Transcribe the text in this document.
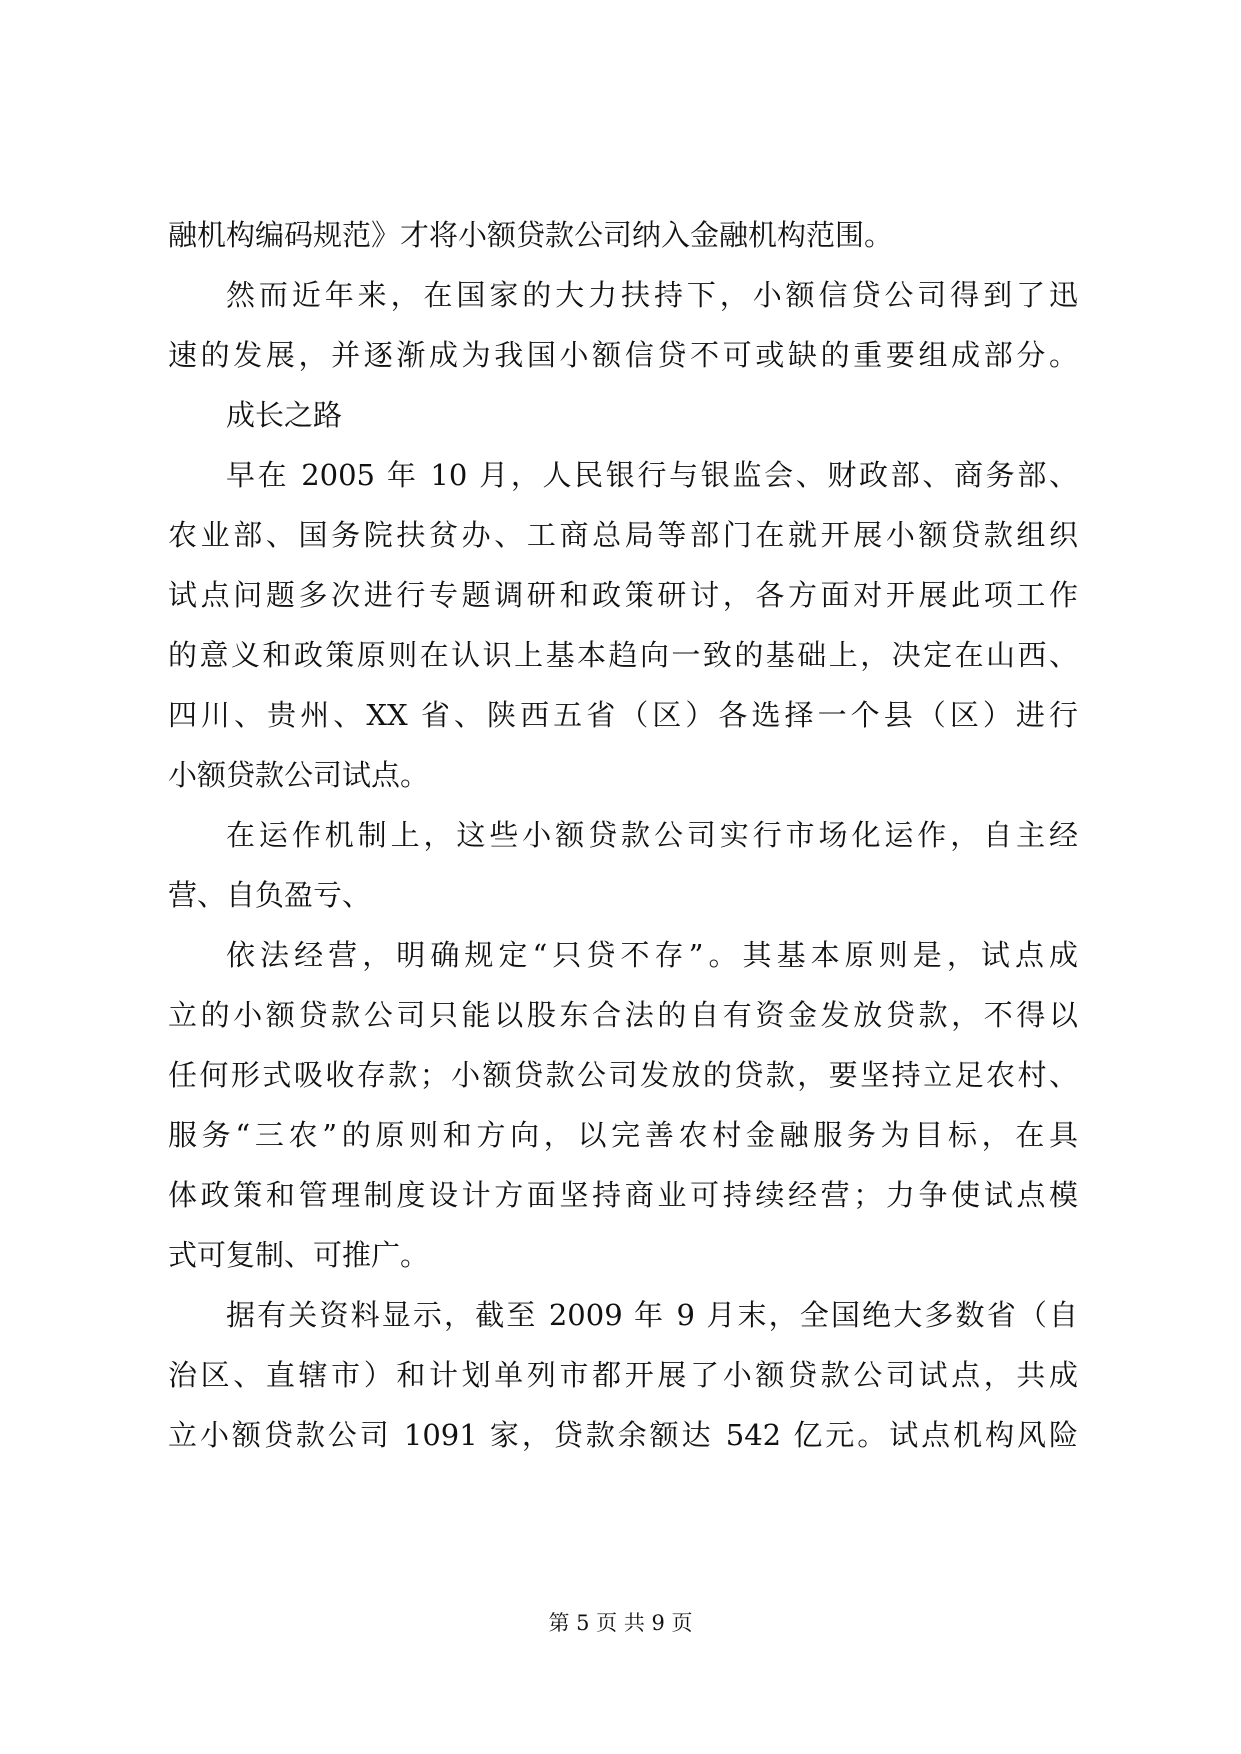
融机构编码规范》才将小额贷款公司纳入金融机构范围。
然而近年来，在国家的大力扶持下，小额信贷公司得到了迅
速的发展，并逐渐成为我国小额信贷不可或缺的重要组成部分。
成长之路
早在 2005 年 10 月，人民银行与银监会、财政部、商务部、
农业部、国务院扶贫办、工商总局等部门在就开展小额贷款组织
试点问题多次进行专题调研和政策研讨，各方面对开展此项工作
的意义和政策原则在认识上基本趋向一致的基础上，决定在山西、
四川、贵州、XX 省、陕西五省（区）各选择一个县（区）进行
小额贷款公司试点。
在运作机制上，这些小额贷款公司实行市场化运作，自主经
营、自负盈亏、
依法经营，明确规定“只贷不存”。其基本原则是，试点成
立的小额贷款公司只能以股东合法的自有资金发放贷款，不得以
任何形式吸收存款；小额贷款公司发放的贷款，要坚持立足农村、
服务“三农”的原则和方向，以完善农村金融服务为目标，在具
体政策和管理制度设计方面坚持商业可持续经营；力争使试点模
式可复制、可推广。
据有关资料显示，截至 2009 年 9 月末，全国绝大多数省（自
治区、直辖市）和计划单列市都开展了小额贷款公司试点，共成
立小额贷款公司 1091 家，贷款余额达 542 亿元。试点机构风险
第 5 页 共 9 页
